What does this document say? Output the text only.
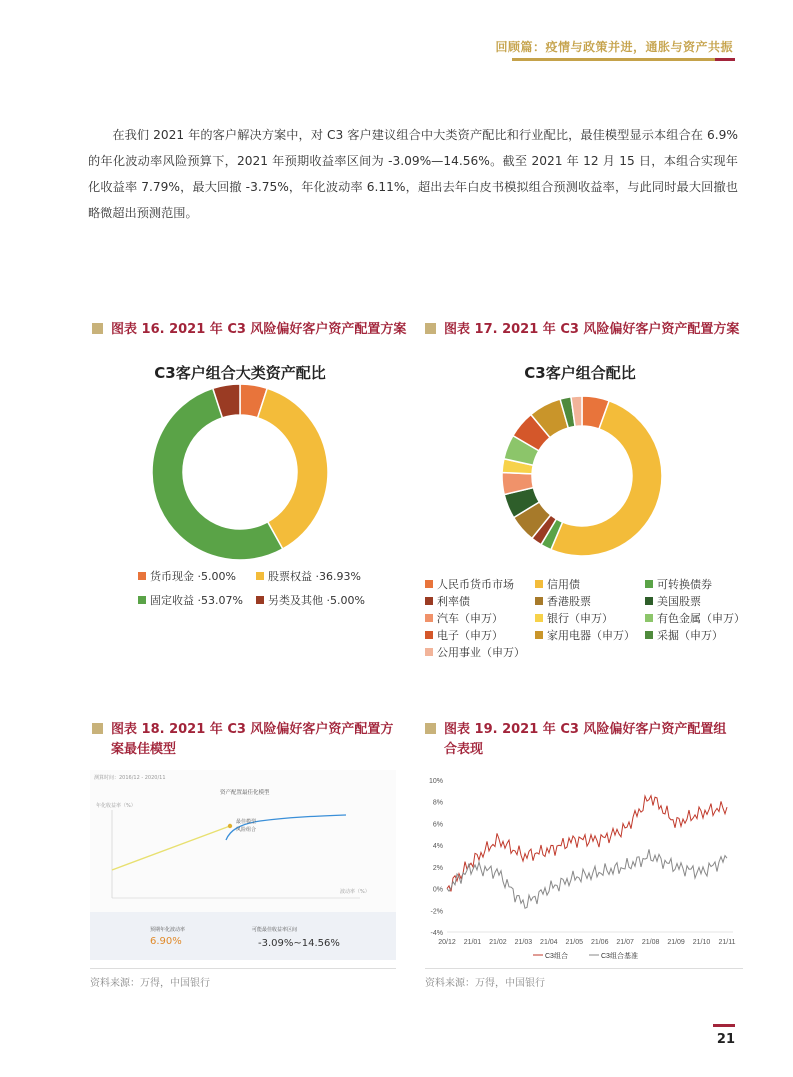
回顾篇：疫情与政策并进，通胀与资产共振

在我们 2021 年的客户解决方案中，对 C3 客户建议组合中大类资产配比和行业配比，最佳模型显示本组合在 6.9% 的年化波动率风险预算下，2021 年预期收益率区间为 -3.09%—14.56%。截至 2021 年 12 月 15 日，本组合实现年化收益率 7.79%，最大回撤 -3.75%，年化波动率 6.11%，超出去年白皮书模拟组合预测收益率，与此同时最大回撤也略微超出预测范围。

图表 16. 2021 年 C3 风险偏好客户资产配置方案
C3客户组合大类资产配比
货币现金 ·5.00%	股票权益 ·36.93%
固定收益 ·53.07%	另类及其他 ·5.00%
图表 17. 2021 年 C3 风险偏好客户资产配置方案
C3客户组合配比
人民币货币市场	信用债	可转换债券
利率债	香港股票	美国股票
汽车（申万）	银行（申万）	有色金属（申万）
电子（申万）	家用电器（申万）	采掘（申万）
公用事业（申万）
图表 18. 2021 年 C3 风险偏好客户资产配置方
案最佳模型
测算时间：2016/12 - 2020/11
资产配置最佳化模型
年化收益率（%）
波动率（%）
最佳模型
风险组合
预期年化波动率	可能最佳收益率区间
6.90%	-3.09%~14.56%
资料来源：万得，中国银行
图表 19. 2021 年 C3 风险偏好客户资产配置组
合表现
10%
8%
6%
4%
2%
0%
-2%
-4%
20/12 21/01 21/02 21/03 21/04 21/05 21/06 21/07 21/08 21/09 21/10 21/11
C3组合	C3组合基准
资料来源：万得，中国银行
21
